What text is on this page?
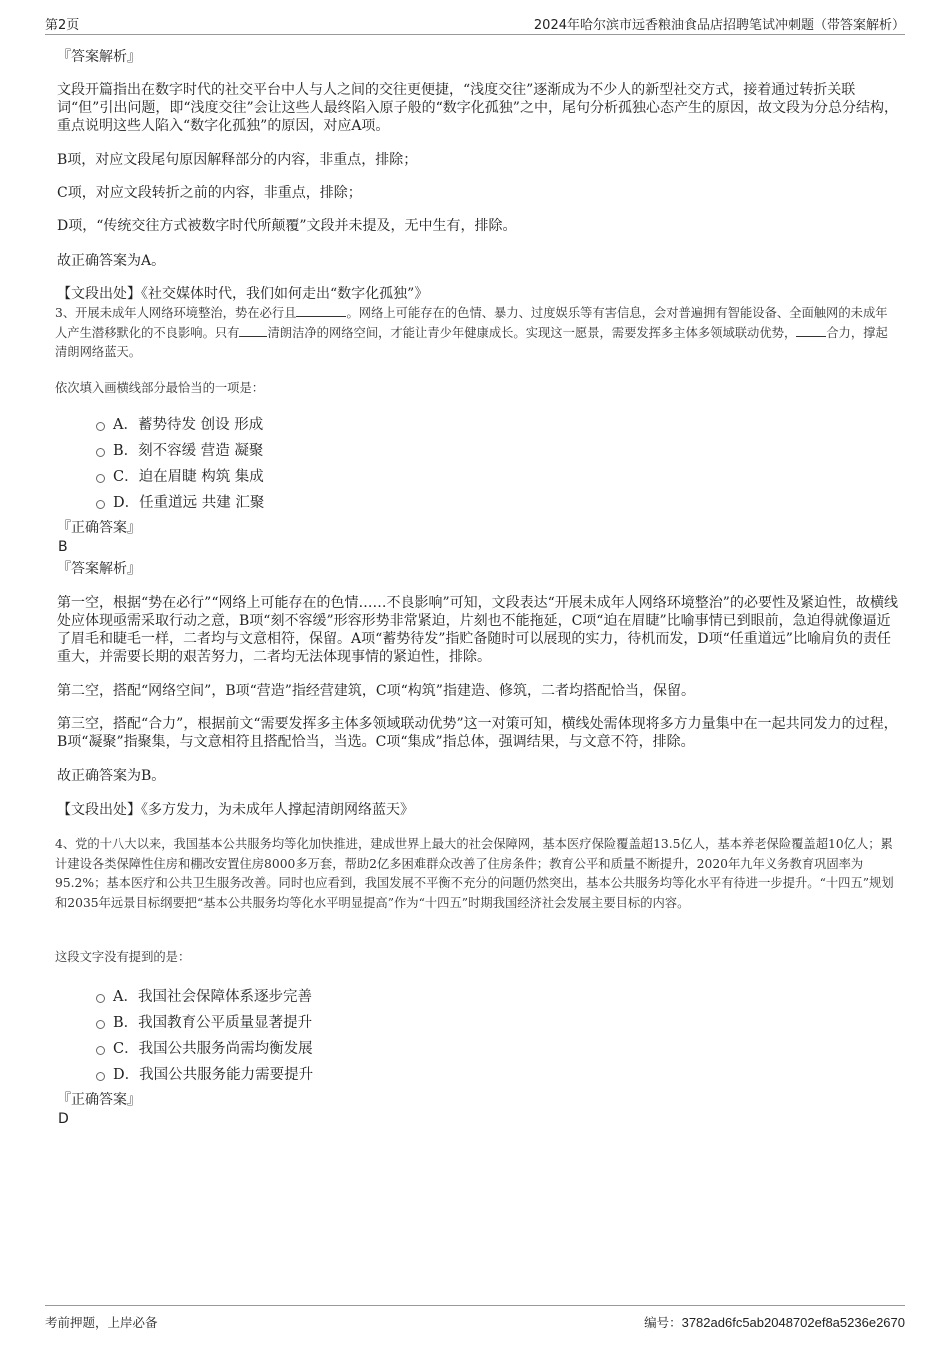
第2页	2024年哈尔滨市远香粮油食品店招聘笔试冲刺题（带答案解析）

『答案解析』

文段开篇指出在数字时代的社交平台中人与人之间的交往更便捷，“浅度交往”逐渐成为不少人的新型社交方式，接着通过转折关联词“但”引出问题，即“浅度交往”会让这些人最终陷入原子般的“数字化孤独”之中，尾句分析孤独心态产生的原因，故文段为分总分结构，重点说明这些人陷入“数字化孤独”的原因，对应A项。

B项，对应文段尾句原因解释部分的内容，非重点，排除；

C项，对应文段转折之前的内容，非重点，排除；

D项，“传统交往方式被数字时代所颠覆”文段并未提及，无中生有，排除。

故正确答案为A。

【文段出处】《社交媒体时代，我们如何走出“数字化孤独”》

3、开展未成年人网络环境整治，势在必行且	。网络上可能存在的色情、暴力、过度娱乐等有害信息，会对普遍拥有智能设备、全面触网的未成年人产生潜移默化的不良影响。只有 清朗洁净的网络空间，才能让青少年健康成长。实现这一愿景，需要发挥多主体多领域联动优势， 合力，撑起清朗网络蓝天。

依次填入画横线部分最恰当的一项是：

A．蓄势待发 创设 形成
B．刻不容缓 营造 凝聚
C．迫在眉睫 构筑 集成
D．任重道远 共建 汇聚

『正确答案』

B

『答案解析』

第一空，根据“势在必行”“网络上可能存在的色情……不良影响”可知，文段表达“开展未成年人网络环境整治”的必要性及紧迫性，故横线处应体现亟需采取行动之意，B项“刻不容缓”形容形势非常紧迫，片刻也不能拖延，C项“迫在眉睫”比喻事情已到眼前，急迫得就像逼近了眉毛和睫毛一样，二者均与文意相符，保留。A项“蓄势待发”指贮备随时可以展现的实力，待机而发，D项“任重道远”比喻肩负的责任重大，并需要长期的艰苦努力，二者均无法体现事情的紧迫性，排除。

第二空，搭配“网络空间”，B项“营造”指经营建筑，C项“构筑”指建造、修筑，二者均搭配恰当，保留。

第三空，搭配“合力”，根据前文“需要发挥多主体多领域联动优势”这一对策可知，横线处需体现将多方力量集中在一起共同发力的过程，B项“凝聚”指聚集，与文意相符且搭配恰当，当选。C项“集成”指总体，强调结果，与文意不符，排除。

故正确答案为B。

【文段出处】《多方发力，为未成年人撑起清朗网络蓝天》

4、党的十八大以来，我国基本公共服务均等化加快推进，建成世界上最大的社会保障网，基本医疗保险覆盖超13.5亿人，基本养老保险覆盖超10亿人；累计建设各类保障性住房和棚改安置住房8000多万套，帮助2亿多困难群众改善了住房条件；教育公平和质量不断提升，2020年九年义务教育巩固率为95.2%；基本医疗和公共卫生服务改善。同时也应看到，我国发展不平衡不充分的问题仍然突出，基本公共服务均等化水平有待进一步提升。“十四五”规划和2035年远景目标纲要把“基本公共服务均等化水平明显提高”作为“十四五”时期我国经济社会发展主要目标的内容。

这段文字没有提到的是：

A．我国社会保障体系逐步完善
B．我国教育公平质量显著提升
C．我国公共服务尚需均衡发展
D．我国公共服务能力需要提升

『正确答案』

D
考前押题，上岸必备	编号：3782ad6fc5ab2048702ef8a5236e2670
